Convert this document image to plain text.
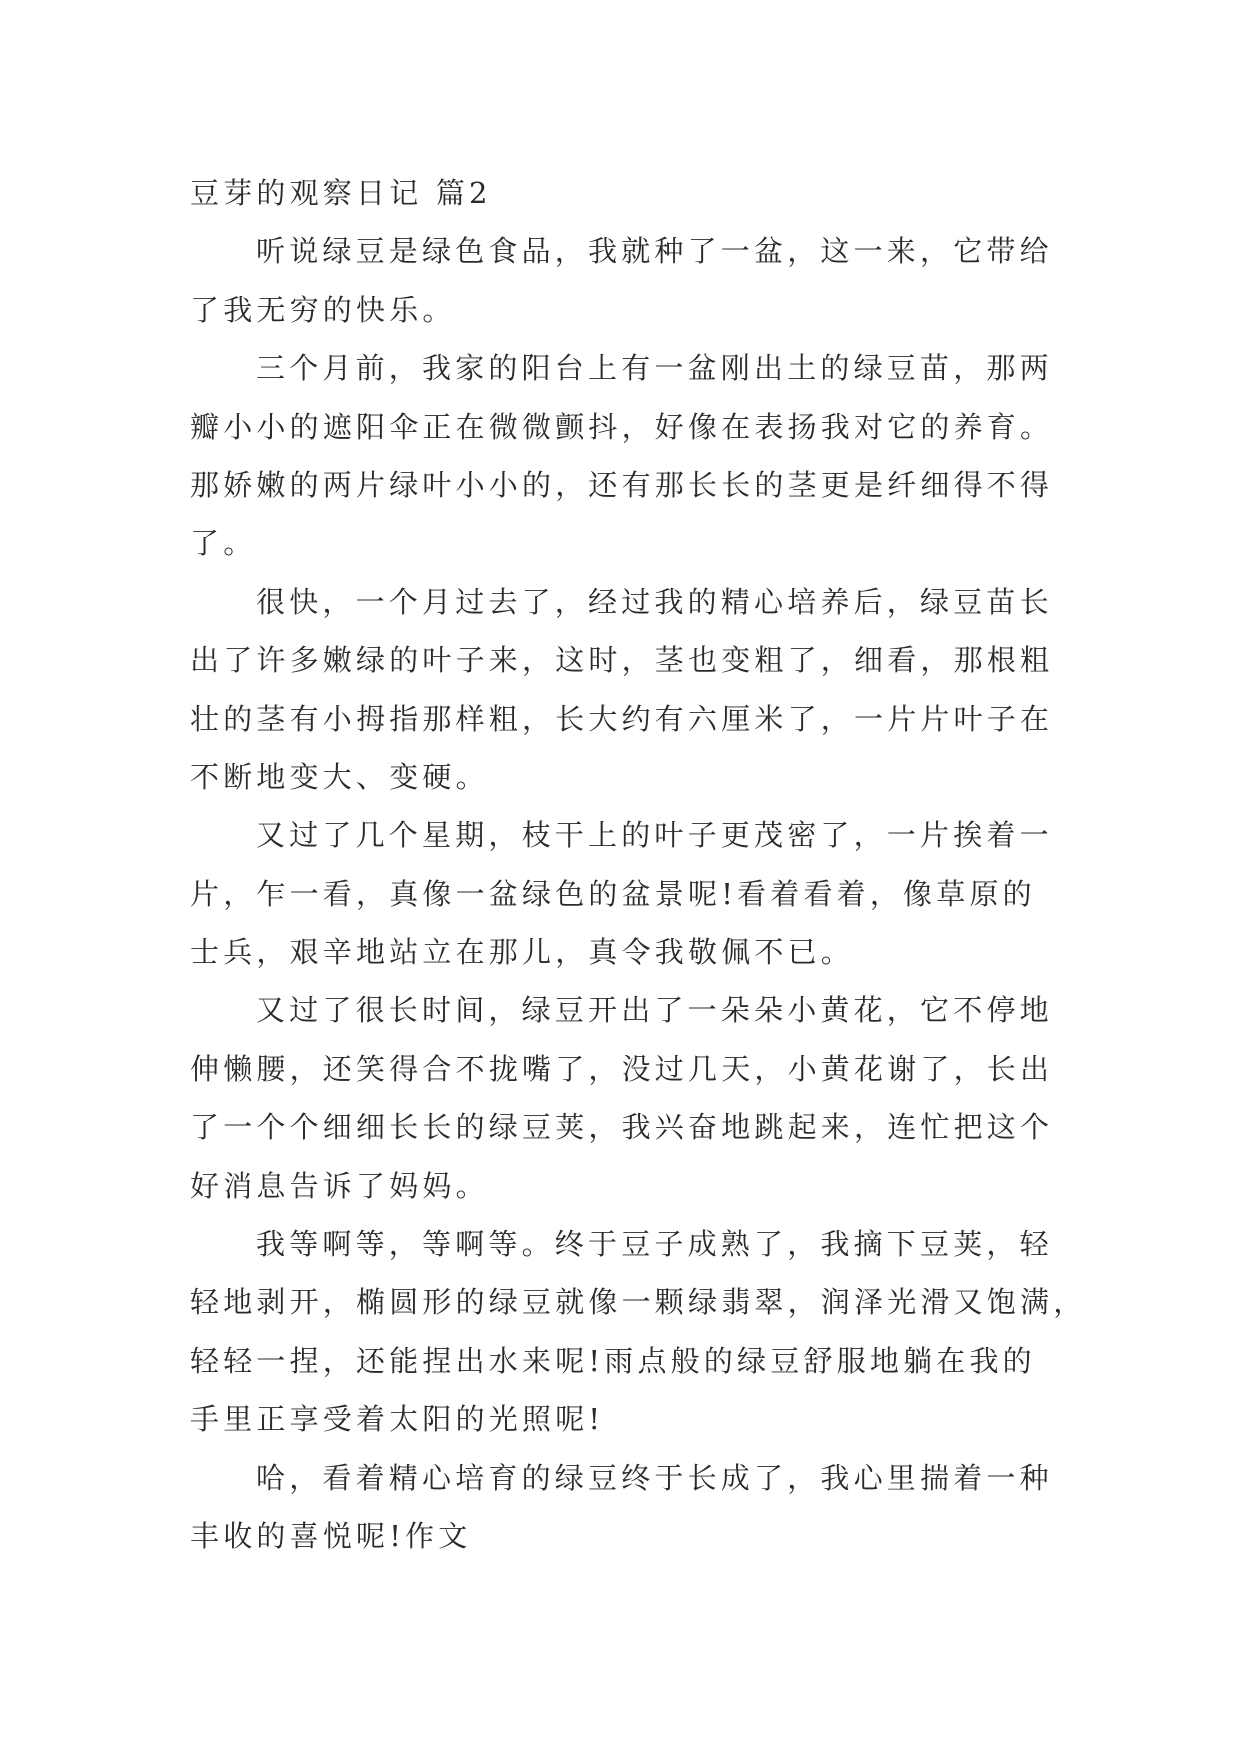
豆芽的观察日记 篇2
听说绿豆是绿色食品，我就种了一盆，这一来，它带给
了我无穷的快乐。
三个月前，我家的阳台上有一盆刚出土的绿豆苗，那两
瓣小小的遮阳伞正在微微颤抖，好像在表扬我对它的养育。
那娇嫩的两片绿叶小小的，还有那长长的茎更是纤细得不得
了。
很快，一个月过去了，经过我的精心培养后，绿豆苗长
出了许多嫩绿的叶子来，这时，茎也变粗了，细看，那根粗
壮的茎有小拇指那样粗，长大约有六厘米了，一片片叶子在
不断地变大、变硬。
又过了几个星期，枝干上的叶子更茂密了，一片挨着一
片，乍一看，真像一盆绿色的盆景呢!看着看着，像草原的
士兵，艰辛地站立在那儿，真令我敬佩不已。
又过了很长时间，绿豆开出了一朵朵小黄花，它不停地
伸懒腰，还笑得合不拢嘴了，没过几天，小黄花谢了，长出
了一个个细细长长的绿豆荚，我兴奋地跳起来，连忙把这个
好消息告诉了妈妈。
我等啊等，等啊等。终于豆子成熟了，我摘下豆荚，轻
轻地剥开，椭圆形的绿豆就像一颗绿翡翠，润泽光滑又饱满，
轻轻一捏，还能捏出水来呢!雨点般的绿豆舒服地躺在我的
手里正享受着太阳的光照呢!
哈，看着精心培育的绿豆终于长成了，我心里揣着一种
丰收的喜悦呢!作文
